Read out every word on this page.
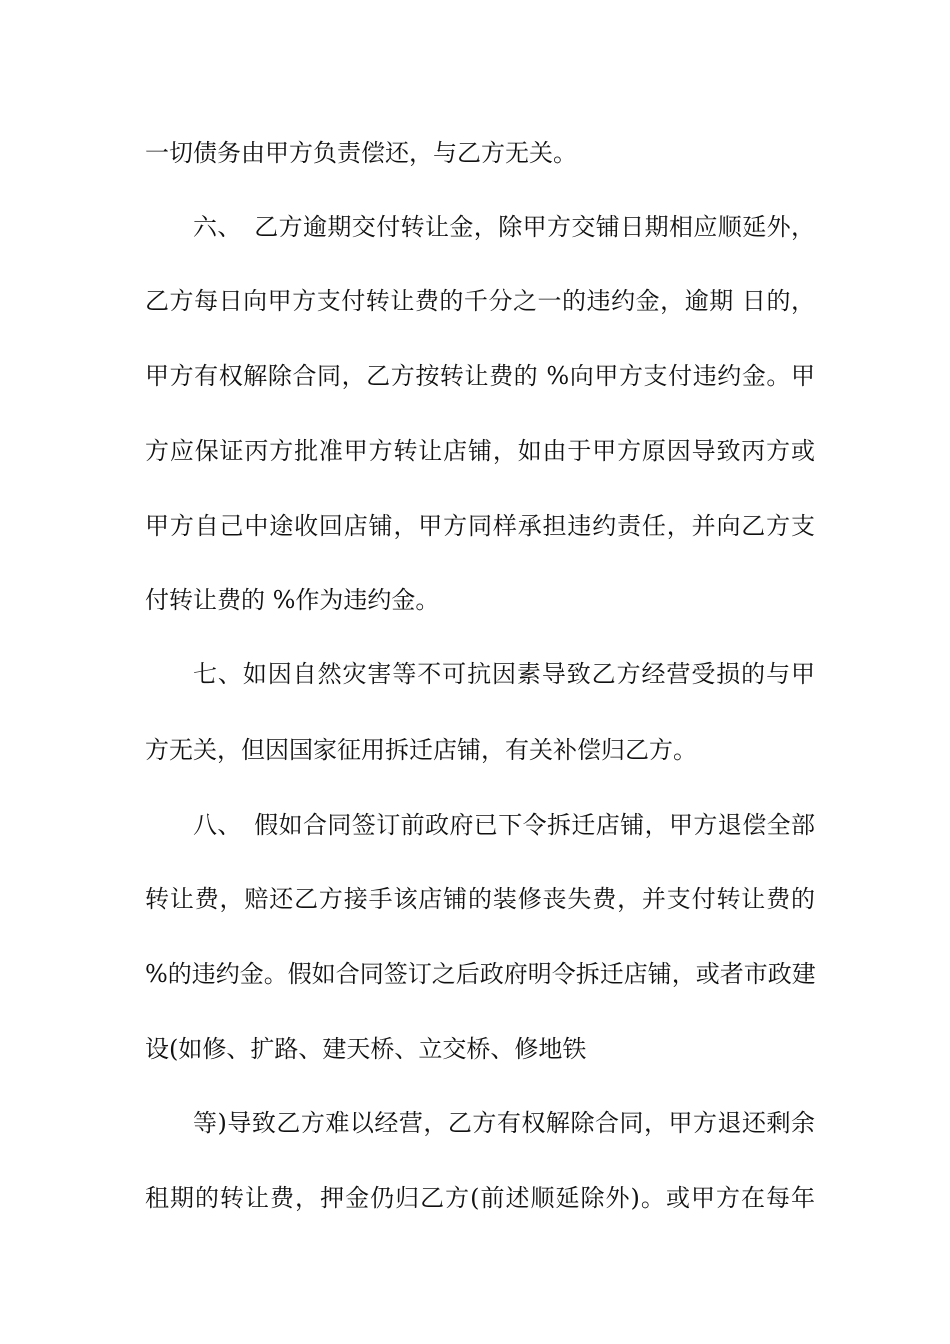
一切债务由甲方负责偿还，与乙方无关。
六、　乙方逾期交付转让金，除甲方交铺日期相应顺延外，
乙方每日向甲方支付转让费的千分之一的违约金，逾期 日的，
甲方有权解除合同，乙方按转让费的 %向甲方支付违约金。甲
方应保证丙方批准甲方转让店铺，如由于甲方原因导致丙方或
甲方自己中途收回店铺，甲方同样承担违约责任，并向乙方支
付转让费的 %作为违约金。
七、如因自然灾害等不可抗因素导致乙方经营受损的与甲
方无关，但因国家征用拆迁店铺，有关补偿归乙方。
八、　假如合同签订前政府已下令拆迁店铺，甲方退偿全部
转让费，赔还乙方接手该店铺的装修丧失费，并支付转让费的
%的违约金。假如合同签订之后政府明令拆迁店铺，或者市政建
设(如修、扩路、建天桥、立交桥、修地铁
等)导致乙方难以经营，乙方有权解除合同，甲方退还剩余
租期的转让费，押金仍归乙方(前述顺延除外)。或甲方在每年
